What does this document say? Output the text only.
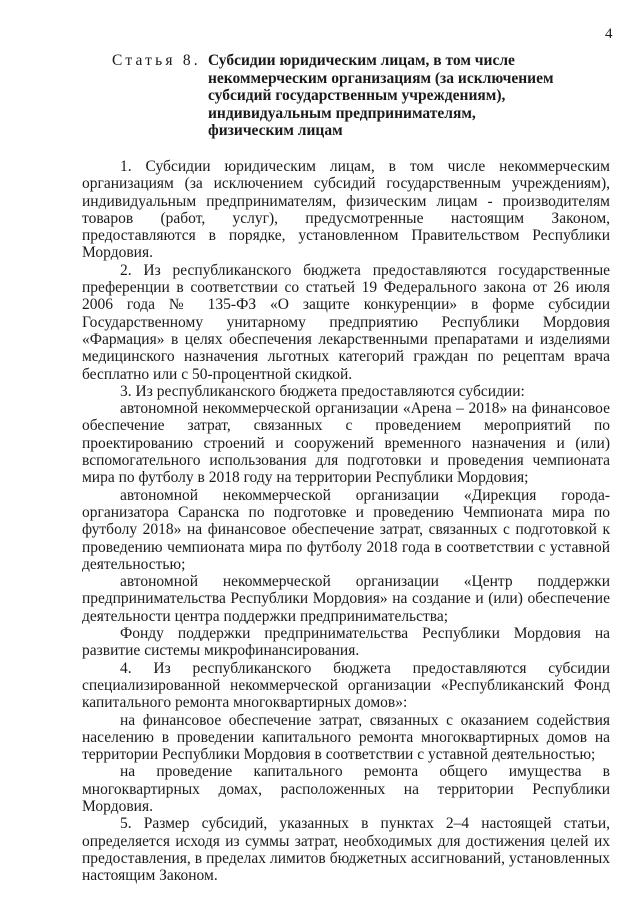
4
Статья 8. Субсидии юридическим лицам, в том числе
некоммерческим организациям (за исключением
субсидий государственным учреждениям),
индивидуальным предпринимателям,
физическим лицам

1. Субсидии юридическим лицам, в том числе некоммерческим организациям (за исключением субсидий государственным учреждениям), индивидуальным предпринимателям, физическим лицам - производителям товаров (работ, услуг), предусмотренные настоящим Законом, предоставляются в порядке, установленном Правительством Республики Мордовия.

2. Из республиканского бюджета предоставляются государственные преференции в соответствии со статьей 19 Федерального закона от 26 июля 2006 года № 135-ФЗ «О защите конкуренции» в форме субсидии Государственному унитарному предприятию Республики Мордовия «Фармация» в целях обеспечения лекарственными препаратами и изделиями медицинского назначения льготных категорий граждан по рецептам врача бесплатно или с 50-процентной скидкой.

3. Из республиканского бюджета предоставляются субсидии:

автономной некоммерческой организации «Арена – 2018» на финансовое обеспечение затрат, связанных с проведением мероприятий по проектированию строений и сооружений временного назначения и (или) вспомогательного использования для подготовки и проведения чемпионата мира по футболу в 2018 году на территории Республики Мордовия;

автономной некоммерческой организации «Дирекция города-организатора Саранска по подготовке и проведению Чемпионата мира по футболу 2018» на финансовое обеспечение затрат, связанных с подготовкой к проведению чемпионата мира по футболу 2018 года в соответствии с уставной деятельностью;

автономной некоммерческой организации «Центр поддержки предпринимательства Республики Мордовия» на создание и (или) обеспечение деятельности центра поддержки предпринимательства;

Фонду поддержки предпринимательства Республики Мордовия на развитие системы микрофинансирования.

4. Из республиканского бюджета предоставляются субсидии специализированной некоммерческой организации «Республиканский Фонд капитального ремонта многоквартирных домов»:

на финансовое обеспечение затрат, связанных с оказанием содействия населению в проведении капитального ремонта многоквартирных домов на территории Республики Мордовия в соответствии с уставной деятельностью;

на проведение капитального ремонта общего имущества в многоквартирных домах, расположенных на территории Республики Мордовия.

5. Размер субсидий, указанных в пунктах 2–4 настоящей статьи, определяется исходя из суммы затрат, необходимых для достижения целей их предоставления, в пределах лимитов бюджетных ассигнований, установленных настоящим Законом.
